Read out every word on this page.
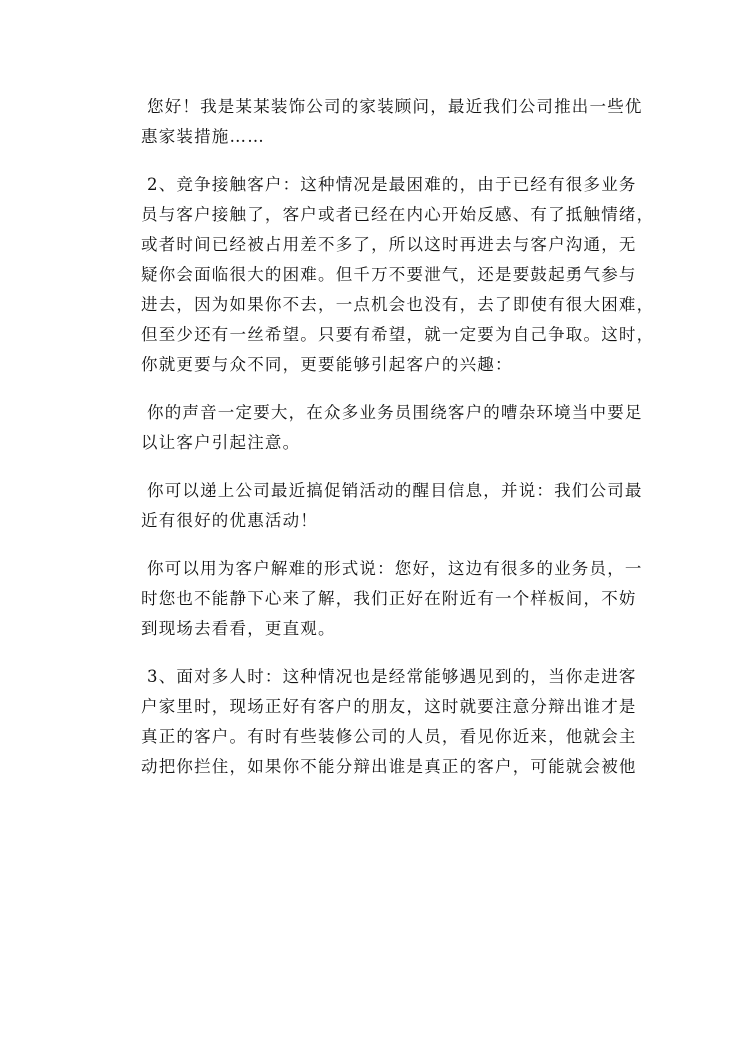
您好！我是某某装饰公司的家装顾问，最近我们公司推出一些优
惠家装措施……
2、竞争接触客户：这种情况是最困难的，由于已经有很多业务
员与客户接触了，客户或者已经在内心开始反感、有了抵触情绪，
或者时间已经被占用差不多了，所以这时再进去与客户沟通，无
疑你会面临很大的困难。但千万不要泄气，还是要鼓起勇气参与
进去，因为如果你不去，一点机会也没有，去了即使有很大困难，
但至少还有一丝希望。只要有希望，就一定要为自己争取。这时，
你就更要与众不同，更要能够引起客户的兴趣：
你的声音一定要大，在众多业务员围绕客户的嘈杂环境当中要足
以让客户引起注意。
你可以递上公司最近搞促销活动的醒目信息，并说：我们公司最
近有很好的优惠活动！
你可以用为客户解难的形式说：您好，这边有很多的业务员，一
时您也不能静下心来了解，我们正好在附近有一个样板间，不妨
到现场去看看，更直观。
3、面对多人时：这种情况也是经常能够遇见到的，当你走进客
户家里时，现场正好有客户的朋友，这时就要注意分辩出谁才是
真正的客户。有时有些装修公司的人员，看见你近来，他就会主
动把你拦住，如果你不能分辩出谁是真正的客户，可能就会被他
